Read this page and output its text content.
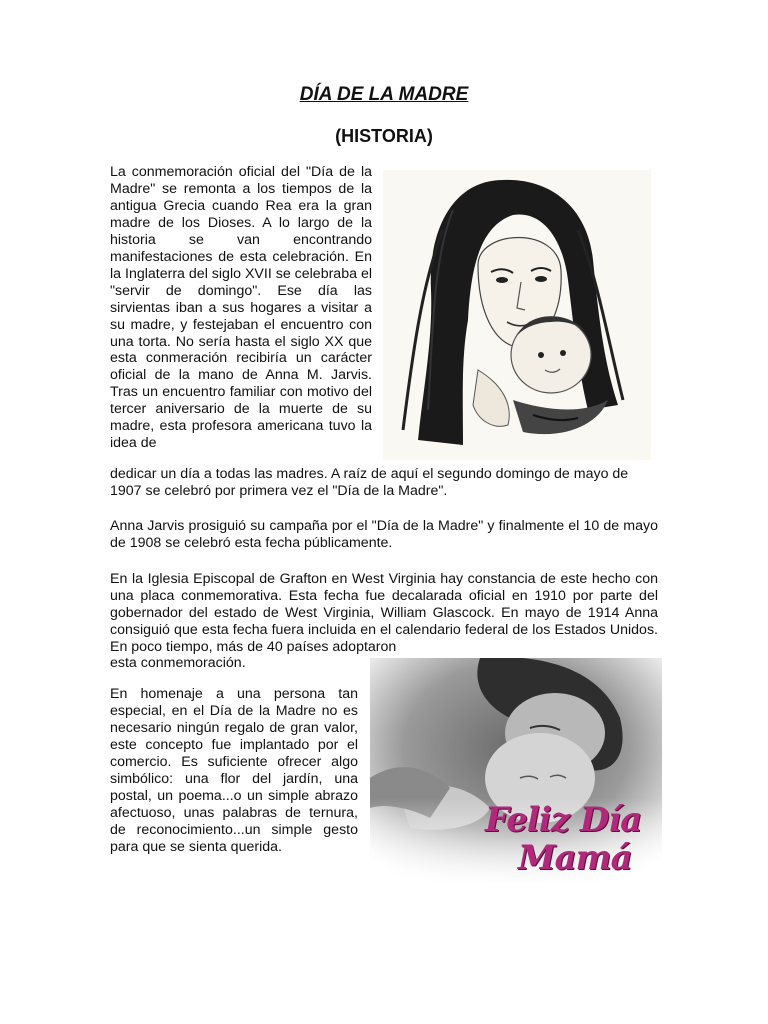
DÍA DE LA MADRE
(HISTORIA)

La conmemoración oficial del "Día de la Madre" se remonta a los tiempos de la antigua Grecia cuando Rea era la gran madre de los Dioses. A lo largo de la historia se van encontrando manifestaciones de esta celebración. En la Inglaterra del siglo XVII se celebraba el "servir de domingo". Ese día las sirvientas iban a sus hogares a visitar a su madre, y festejaban el encuentro con una torta. No sería hasta el siglo XX que esta conmeración recibiría un carácter oficial de la mano de Anna M. Jarvis. Tras un encuentro familiar con motivo del tercer aniversario de la muerte de su madre, esta profesora americana tuvo la idea de

dedicar un día a todas las madres. A raíz de aquí el segundo domingo de mayo de 1907 se celebró por primera vez el "Día de la Madre".

Anna Jarvis prosiguió su campaña por el "Día de la Madre" y finalmente el 10 de mayo de 1908 se celebró esta fecha públicamente.

En la Iglesia Episcopal de Grafton en West Virginia hay constancia de este hecho con una placa conmemorativa. Esta fecha fue decalarada oficial en 1910 por parte del gobernador del estado de West Virginia, William Glascock. En mayo de 1914 Anna consiguió que esta fecha fuera incluida en el calendario federal de los Estados Unidos. En poco tiempo, más de 40 países adoptaron

esta conmemoración.

En homenaje a una persona tan especial, en el Día de la Madre no es necesario ningún regalo de gran valor, este concepto fue implantado por el comercio. Es suficiente ofrecer algo simbólico: una flor del jardín, una postal, un poema...o un simple abrazo afectuoso, unas palabras de ternura, de reconocimiento...un simple gesto para que se sienta querida.

Feliz Día
Mamá
